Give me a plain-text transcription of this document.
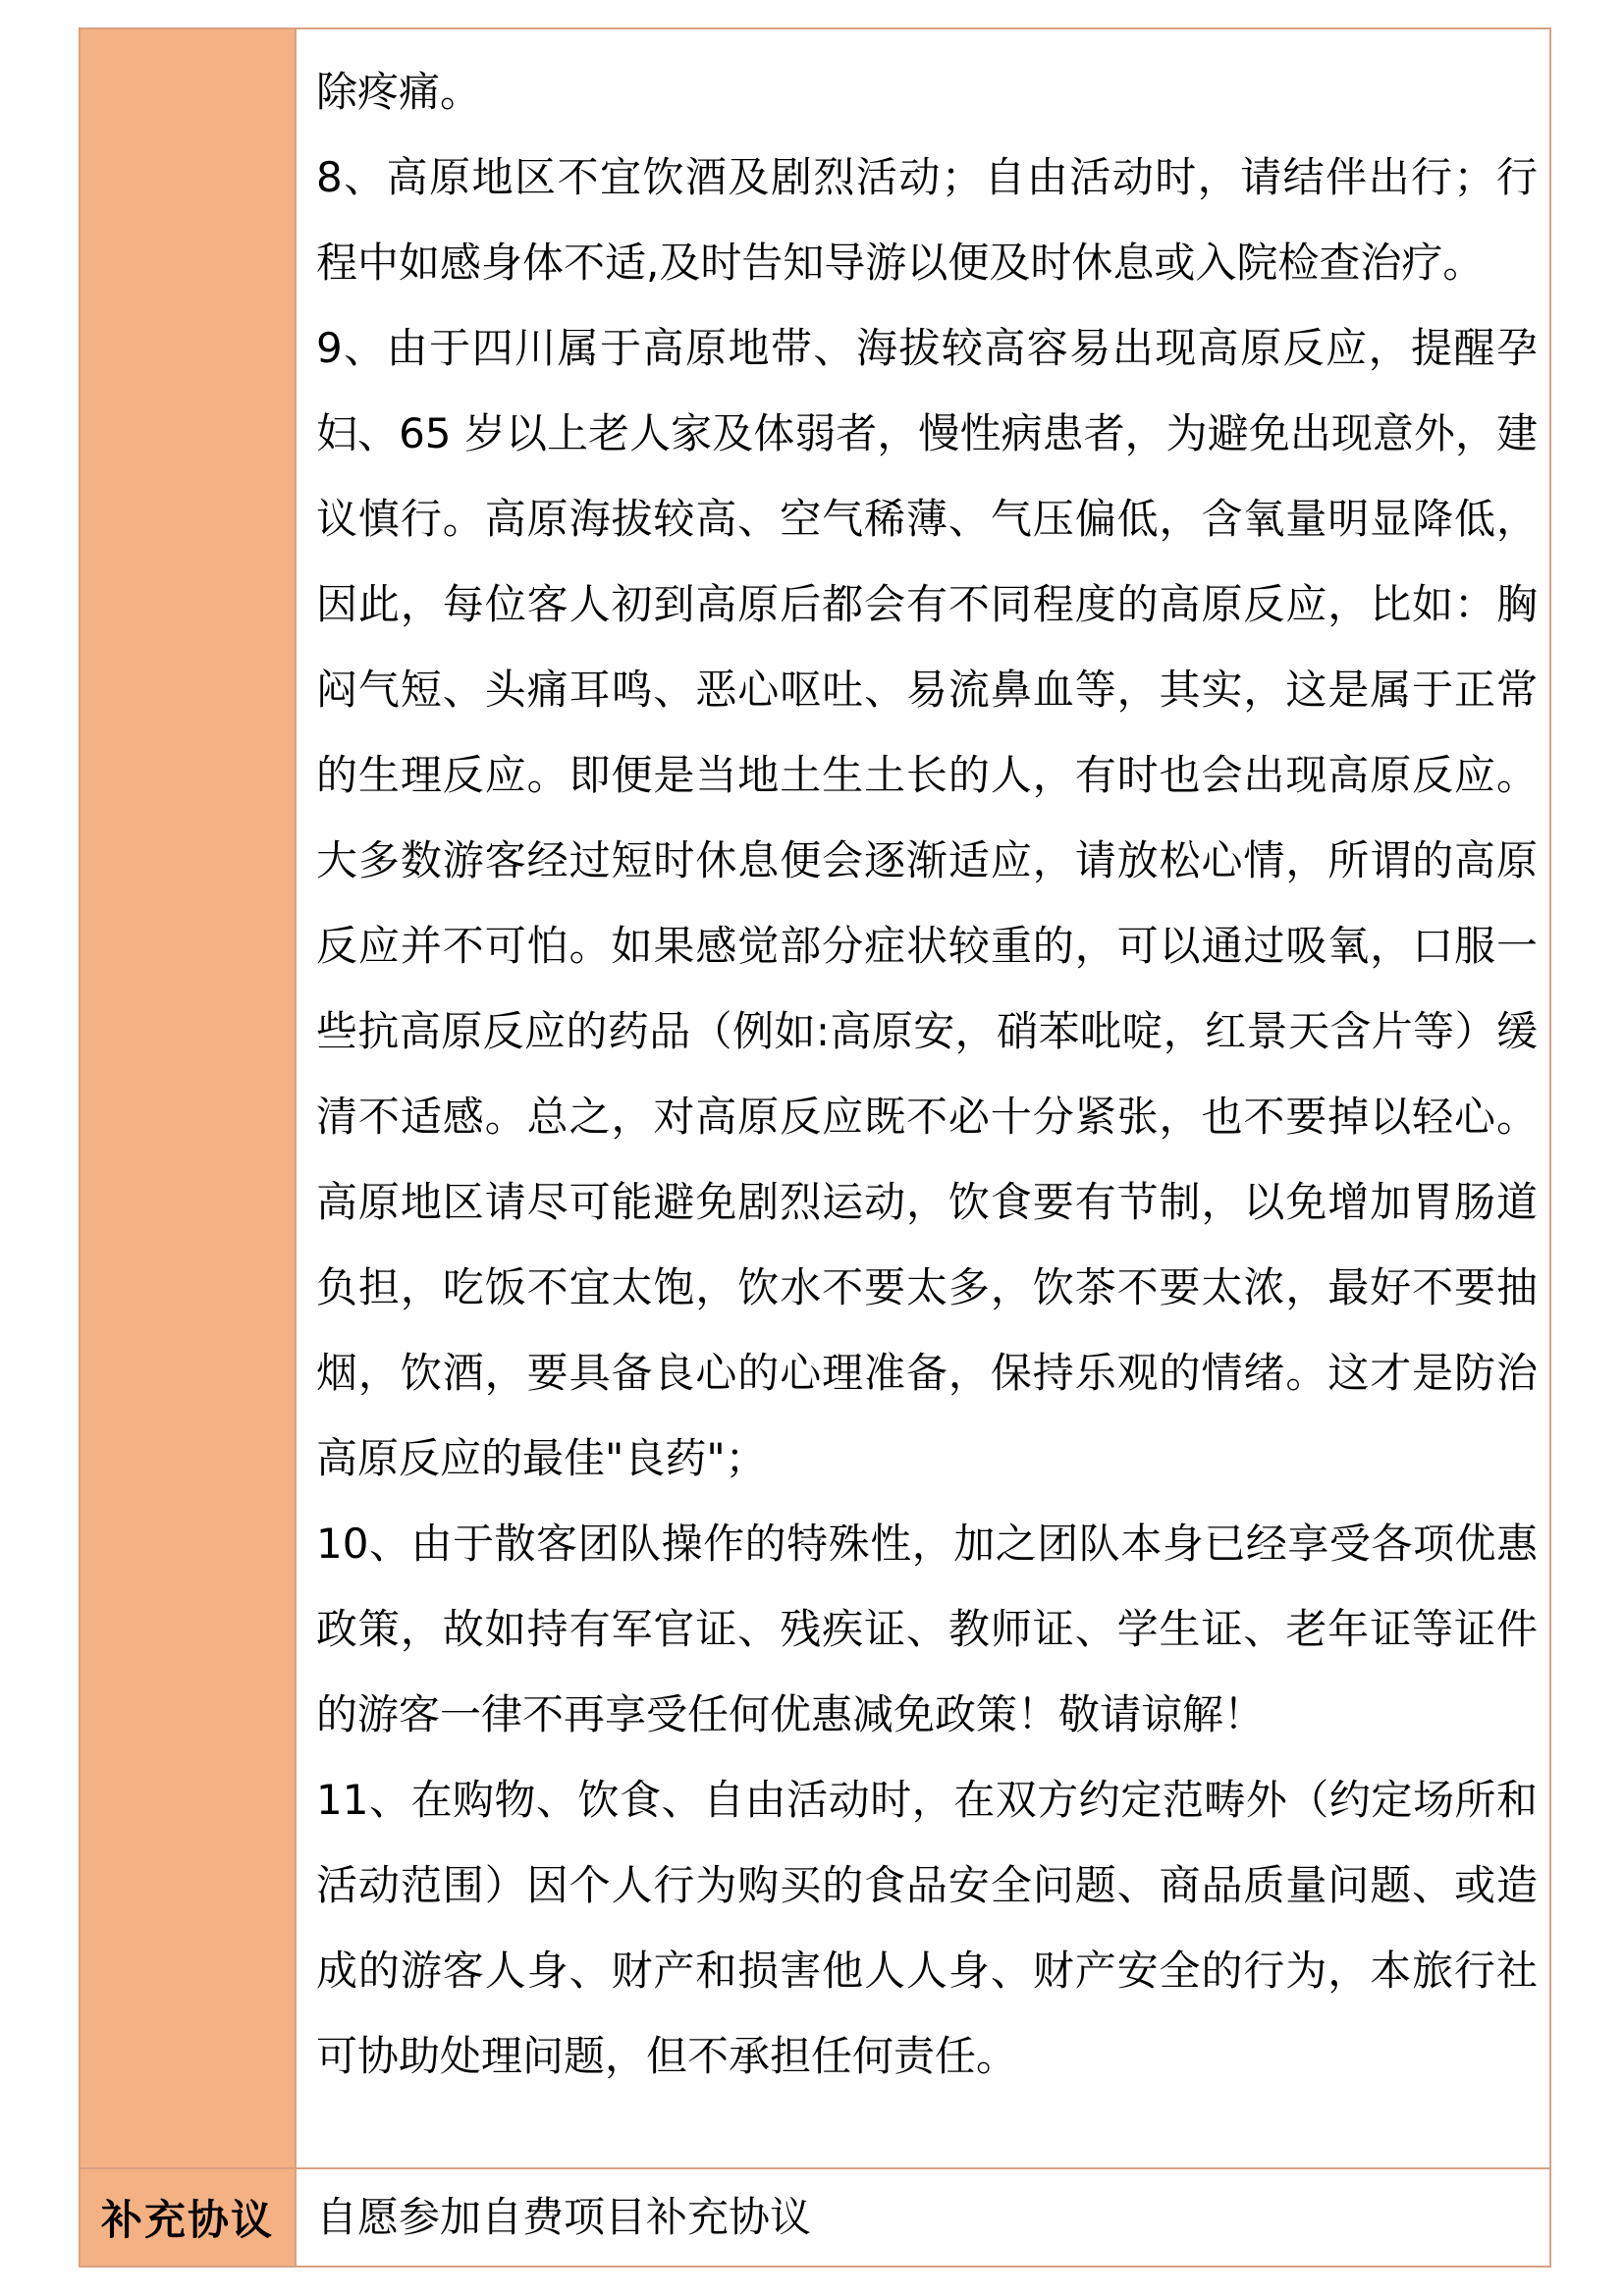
除疼痛。

8、高原地区不宜饮酒及剧烈活动；自由活动时，请结伴出行；行程中如感身体不适,及时告知导游以便及时休息或入院检查治疗。

9、由于四川属于高原地带、海拔较高容易出现高原反应，提醒孕妇、65 岁以上老人家及体弱者，慢性病患者，为避免出现意外，建议慎行。高原海拔较高、空气稀薄、气压偏低，含氧量明显降低，因此，每位客人初到高原后都会有不同程度的高原反应，比如：胸闷气短、头痛耳鸣、恶心呕吐、易流鼻血等，其实，这是属于正常的生理反应。即便是当地土生土长的人，有时也会出现高原反应。大多数游客经过短时休息便会逐渐适应，请放松心情，所谓的高原反应并不可怕。如果感觉部分症状较重的，可以通过吸氧，口服一些抗高原反应的药品（例如:高原安，硝苯吡啶，红景天含片等）缓清不适感。总之，对高原反应既不必十分紧张，也不要掉以轻心。高原地区请尽可能避免剧烈运动，饮食要有节制，以免增加胃肠道负担，吃饭不宜太饱，饮水不要太多，饮茶不要太浓，最好不要抽烟，饮酒，要具备良心的心理准备，保持乐观的情绪。这才是防治高原反应的最佳"良药"；

10、由于散客团队操作的特殊性，加之团队本身已经享受各项优惠政策，故如持有军官证、残疾证、教师证、学生证、老年证等证件的游客一律不再享受任何优惠减免政策！敬请谅解！

11、在购物、饮食、自由活动时，在双方约定范畴外（约定场所和活动范围）因个人行为购买的食品安全问题、商品质量问题、或造成的游客人身、财产和损害他人人身、财产安全的行为，本旅行社可协助处理问题，但不承担任何责任。

补充协议 自愿参加自费项目补充协议
